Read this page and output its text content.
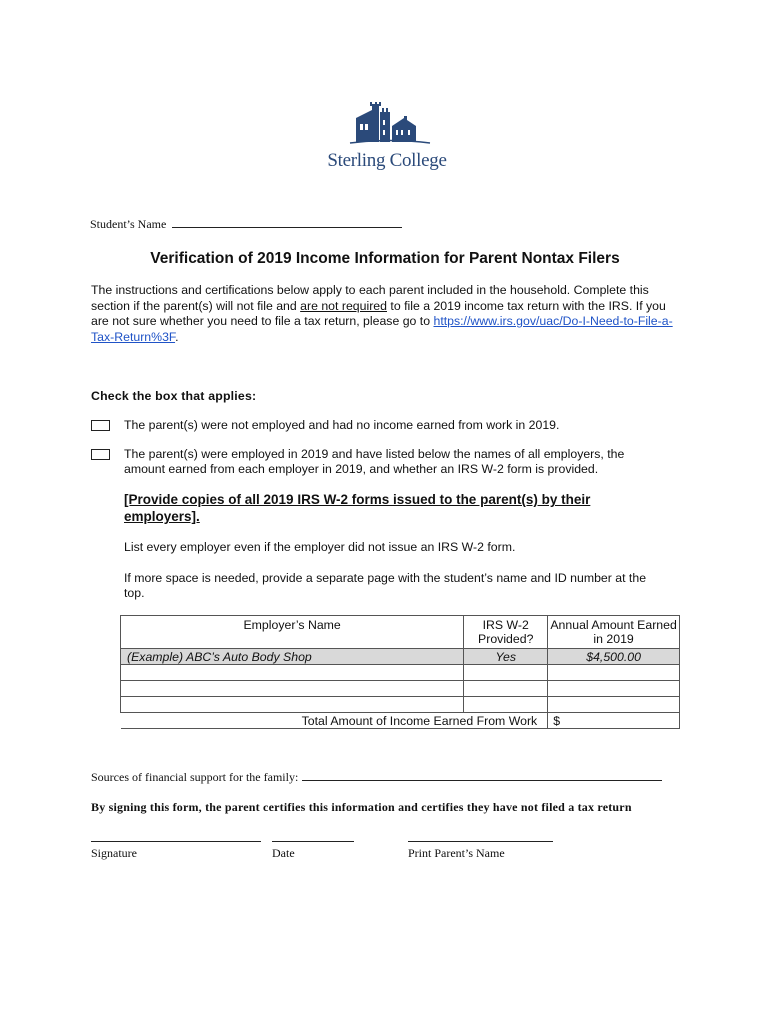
Sterling College
Student’s Name
Verification of 2019 Income Information for Parent Nontax Filers
The instructions and certifications below apply to each parent included in the household. Complete this section if the parent(s) will not file and are not required to file a 2019 income tax return with the IRS. If you are not sure whether you need to file a tax return, please go to https://www.irs.gov/uac/Do-I-Need-to-File-a-Tax-Return%3F.
Check the box that applies:
The parent(s) were not employed and had no income earned from work in 2019.
The parent(s) were employed in 2019 and have listed below the names of all employers, the amount earned from each employer in 2019, and whether an IRS W-2 form is provided.
[Provide copies of all 2019 IRS W-2 forms issued to the parent(s) by their employers].
List every employer even if the employer did not issue an IRS W-2 form.
If more space is needed, provide a separate page with the student’s name and ID number at the top.
Employer’s Name	IRS W-2 Provided?	Annual Amount Earned in 2019
(Example) ABC’s Auto Body Shop	Yes	$4,500.00

Total Amount of Income Earned From Work		$
Sources of financial support for the family:
By signing this form, the parent certifies this information and certifies they have not filed a tax return
Signature	Date	Print Parent’s Name
